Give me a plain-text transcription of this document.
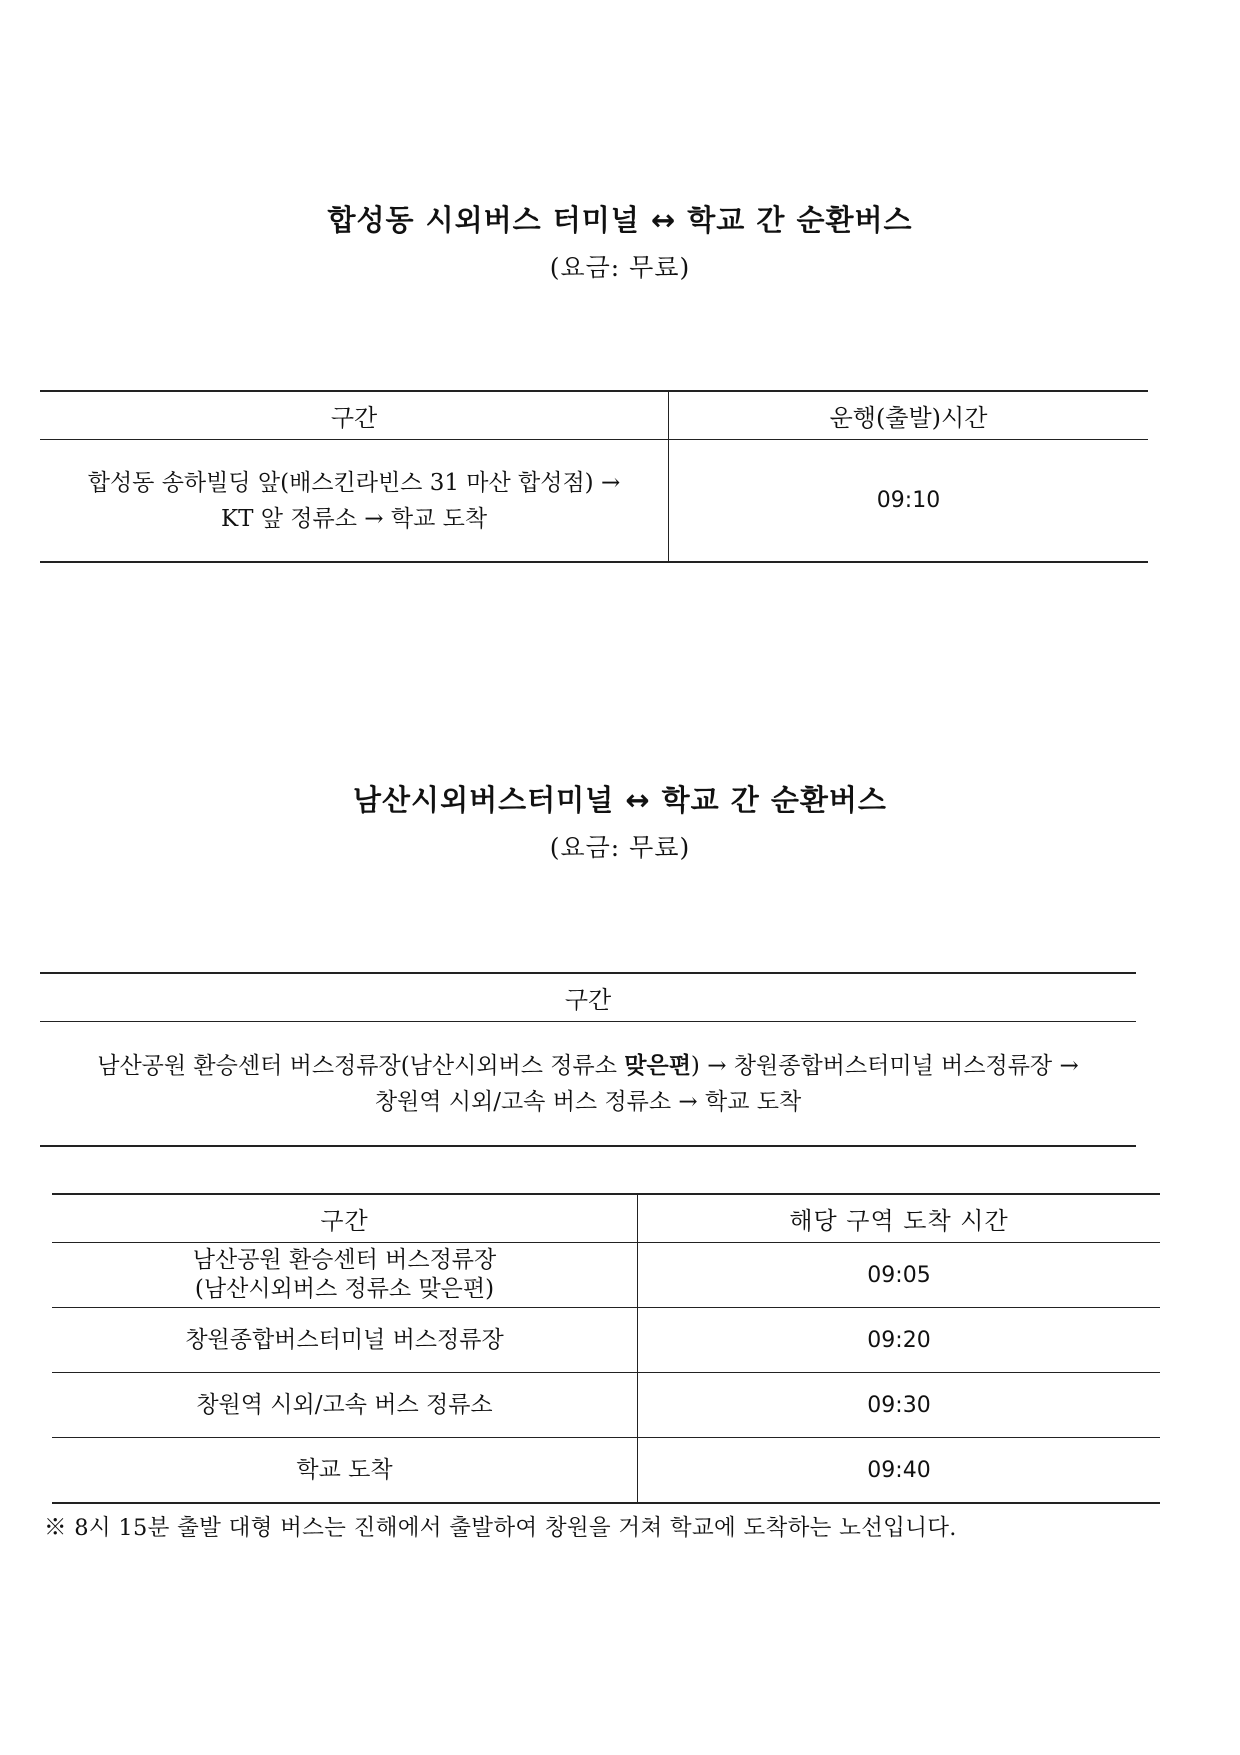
합성동 시외버스 터미널 ↔ 학교 간 순환버스
(요금: 무료)
구간	운행(출발)시간

합성동 송하빌딩 앞(배스킨라빈스 31 마산 합성점) →
KT 앞 정류소 → 학교 도착	09:10
남산시외버스터미널 ↔ 학교 간 순환버스
(요금: 무료)
구간

남산공원 환승센터 버스정류장(남산시외버스 정류소 맞은편) → 창원종합버스터미널 버스정류장 →
창원역 시외/고속 버스 정류소 → 학교 도착
구간	해당 구역 도착 시간

남산공원 환승센터 버스정류장
(남산시외버스 정류소 맞은편)	09:05
창원종합버스터미널 버스정류장	09:20
창원역 시외/고속 버스 정류소	09:30
학교 도착	09:40
※ 8시 15분 출발 대형 버스는 진해에서 출발하여 창원을 거쳐 학교에 도착하는 노선입니다.
